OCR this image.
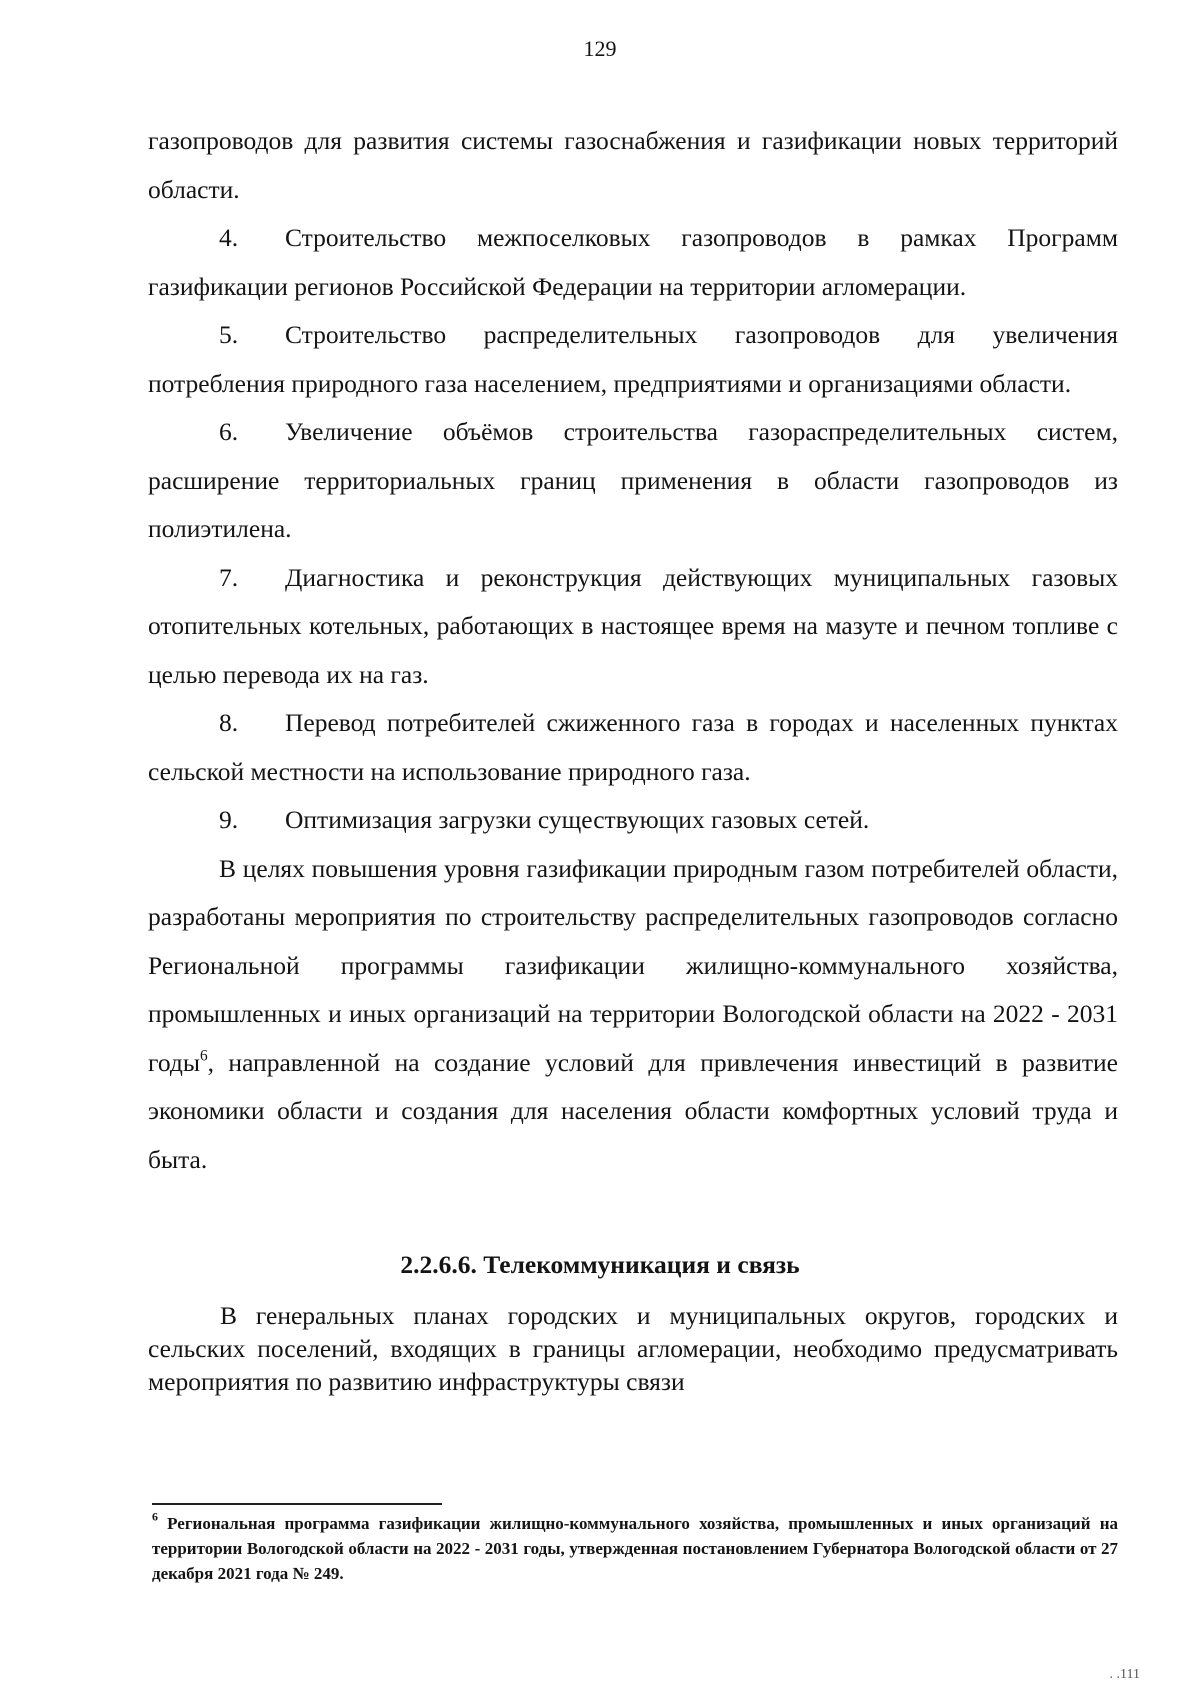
129

газопроводов для развития системы газоснабжения и газификации новых территорий области.

4. Строительство межпоселковых газопроводов в рамках Программ газификации регионов Российской Федерации на территории агломерации.

5. Строительство распределительных газопроводов для увеличения потребления природного газа населением, предприятиями и организациями области.

6. Увеличение объёмов строительства газораспределительных систем, расширение территориальных границ применения в области газопроводов из полиэтилена.

7. Диагностика и реконструкция действующих муниципальных газовых отопительных котельных, работающих в настоящее время на мазуте и печном топливе с целью перевода их на газ.

8. Перевод потребителей сжиженного газа в городах и населенных пунктах сельской местности на использование природного газа.

9. Оптимизация загрузки существующих газовых сетей.

В целях повышения уровня газификации природным газом потребителей области, разработаны мероприятия по строительству распределительных газопроводов согласно Региональной программы газификации жилищно-коммунального хозяйства, промышленных и иных организаций на территории Вологодской области на 2022 - 2031 годы$^6$, направленной на создание условий для привлечения инвестиций в развитие экономики области и создания для населения области комфортных условий труда и быта.

2.2.6.6. Телекоммуникация и связь

В генеральных планах городских и муниципальных округов, городских и сельских поселений, входящих в границы агломерации, необходимо предусматривать мероприятия по развитию инфраструктуры связи

$^6$ Региональная программа газификации жилищно-коммунального хозяйства, промышленных и иных организаций на территории Вологодской области на 2022 - 2031 годы, утвержденная постановлением Губернатора Вологодской области от 27 декабря 2021 года № 249.

. .111
